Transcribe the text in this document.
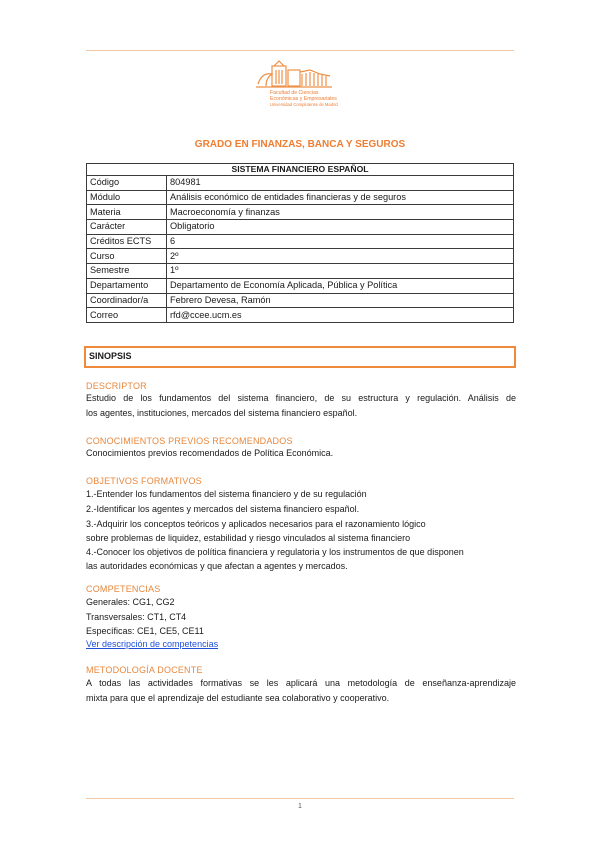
Facultad de Ciencias
Económicas y Empresariales
Universidad Complutense de Madrid
GRADO EN FINANZAS, BANCA Y SEGUROS
SISTEMA FINANCIERO ESPAÑOL	
Código	804981
Módulo	Análisis económico de entidades financieras y de seguros
Materia	Macroeconomía y finanzas
Carácter	Obligatorio
Créditos ECTS	6
Curso	2º
Semestre	1º
Departamento	Departamento de Economía Aplicada, Pública y Política
Coordinador/a	Febrero Devesa, Ramón
Correo	rfd@ccee.ucm.es
SINOPSIS
DESCRIPTOR
Estudio de los fundamentos del sistema financiero, de su estructura y regulación. Análisis de
los agentes, instituciones, mercados del sistema financiero español.
CONOCIMIENTOS PREVIOS RECOMENDADOS
Conocimientos previos recomendados de Política Económica.
OBJETIVOS FORMATIVOS
1.-Entender los fundamentos del sistema financiero y de su regulación
2.-Identificar los agentes y mercados del sistema financiero español.
3.-Adquirir los conceptos teóricos y aplicados necesarios para el razonamiento lógico
sobre problemas de liquidez, estabilidad y riesgo vinculados al sistema financiero
4.-Conocer los objetivos de política financiera y regulatoria y los instrumentos de que disponen
las autoridades económicas y que afectan a agentes y mercados.
COMPETENCIAS
Generales: CG1, CG2
Transversales: CT1, CT4
Específicas: CE1, CE5, CE11
Ver descripción de competencias
METODOLOGÍA DOCENTE
A todas las actividades formativas se les aplicará una metodología de enseñanza-aprendizaje
mixta para que el aprendizaje del estudiante sea colaborativo y cooperativo.
1
